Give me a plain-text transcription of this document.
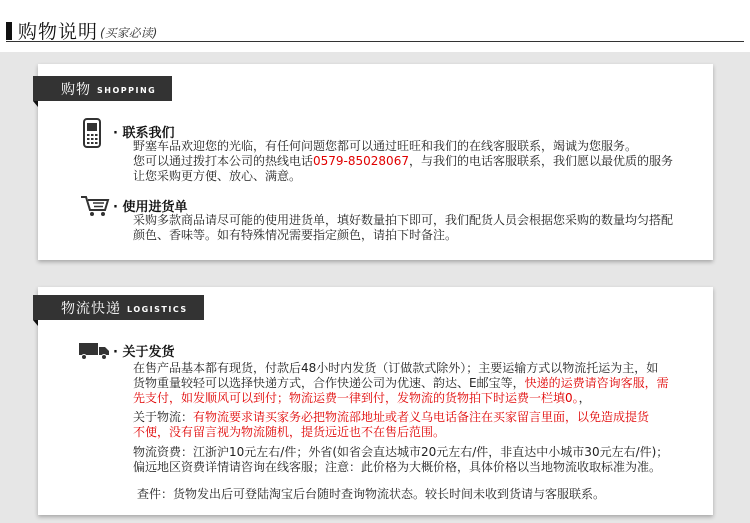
购物说明 (买家必读)
购物 SHOPPING
· 联系我们
野塞车品欢迎您的光临，有任何问题您都可以通过旺旺和我们的在线客服联系，竭诚为您服务。
您可以通过拨打本公司的热线电话0579-85028067，与我们的电话客服联系，我们愿以最优质的服务
让您采购更方便、放心、满意。
· 使用进货单
采购多款商品请尽可能的使用进货单，填好数量拍下即可，我们配货人员会根据您采购的数量均匀搭配
颜色、香味等。如有特殊情况需要指定颜色，请拍下时备注。
物流快递 LOGISTICS
· 关于发货
在售产品基本都有现货，付款后48小时内发货（订做款式除外）；主要运输方式以物流托运为主，如
货物重量较轻可以选择快递方式，合作快递公司为优速、韵达、E邮宝等，快递的运费请咨询客服，需
先支付，如发顺风可以到付；物流运费一律到付，发物流的货物拍下时运费一栏填0。，
关于物流：有物流要求请买家务必把物流部地址或者义乌电话备注在买家留言里面，以免造成提货
不便，没有留言视为物流随机，提货远近也不在售后范围。
物流资费：江浙沪10元左右/件；外省(如省会直达城市20元左右/件，非直达中小城市30元左右/件)；
偏远地区资费详情请咨询在线客服；注意：此价格为大概价格，具体价格以当地物流收取标准为准。
查件：货物发出后可登陆淘宝后台随时查询物流状态。较长时间未收到货请与客服联系。
